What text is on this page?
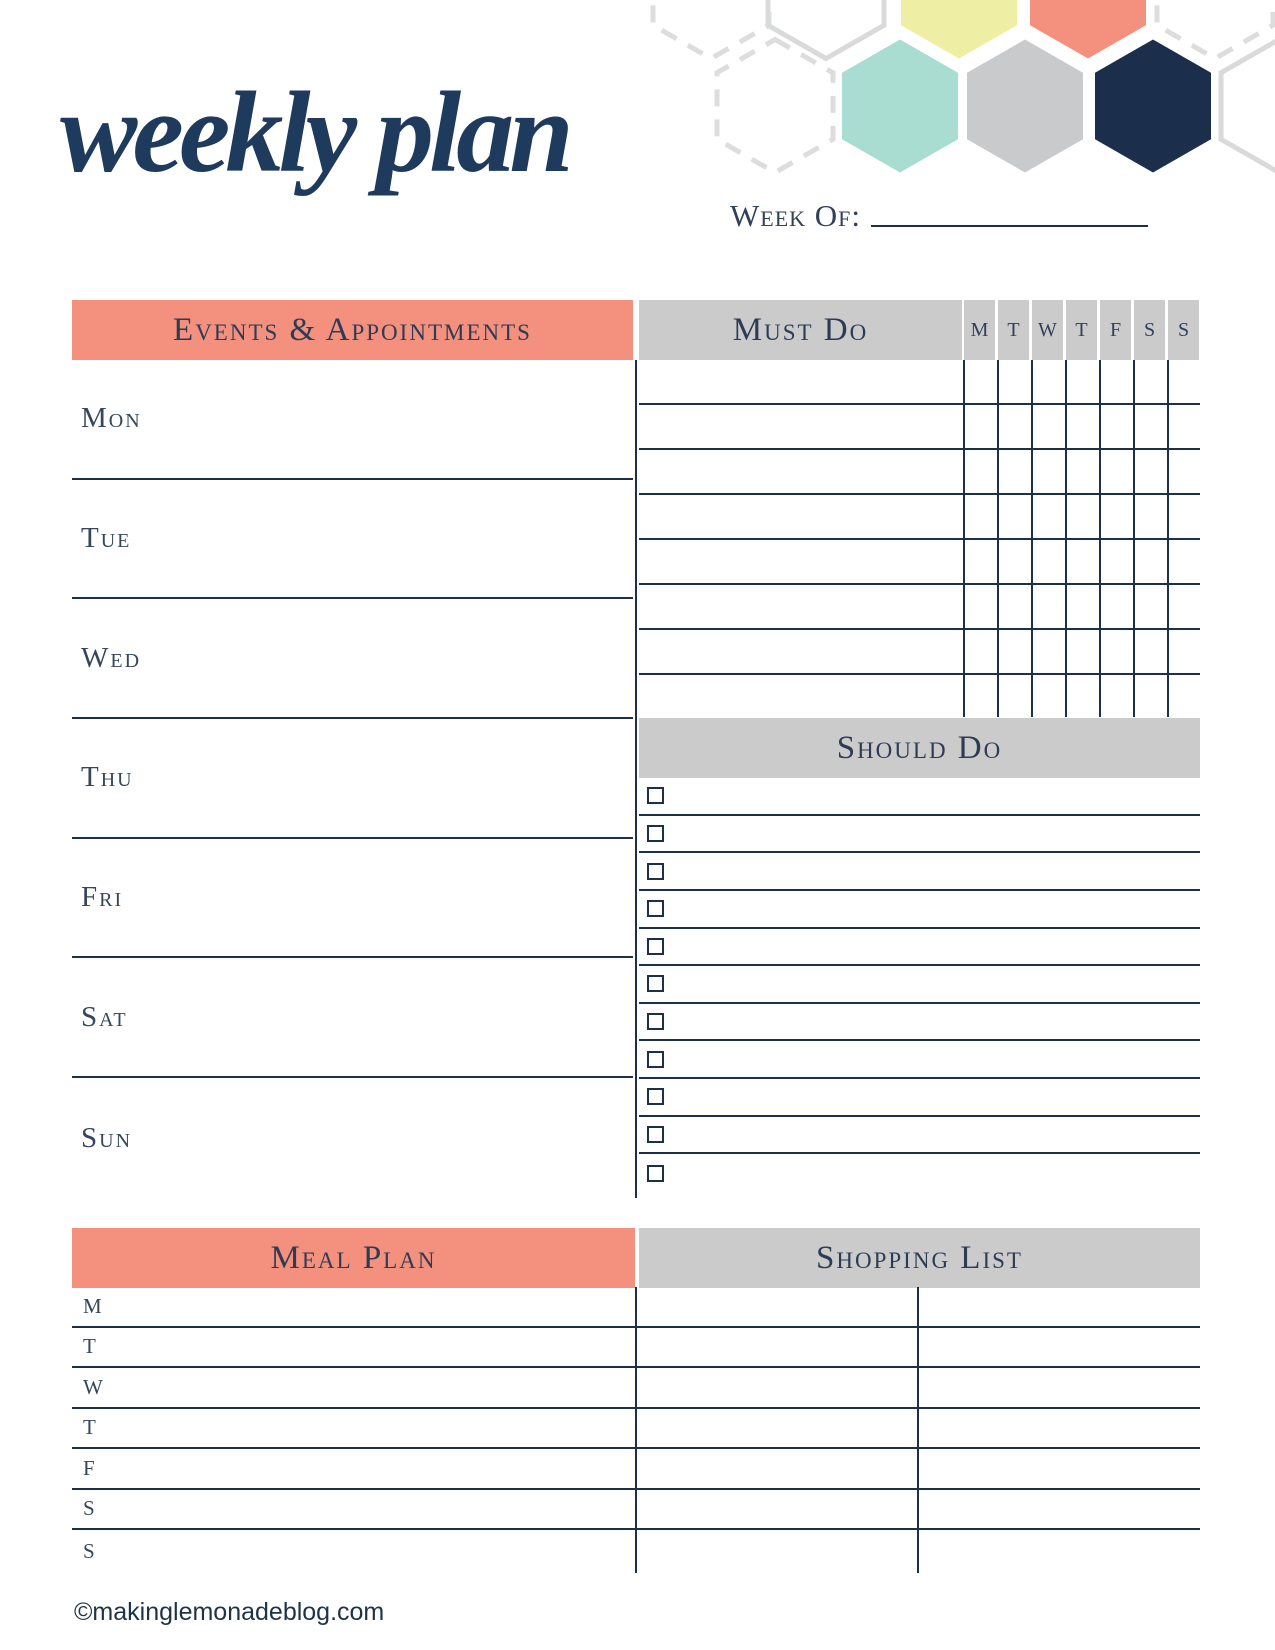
weekly plan
Week Of:
Events & Appointments	Must Do	M T W T	F	S	S
Mon
Tue
Wed
Thu
Fri
Sat
Sun
Should Do
Meal Plan	Shopping List
M
T
W
T
F
S
S
©makinglemonadeblog.com
